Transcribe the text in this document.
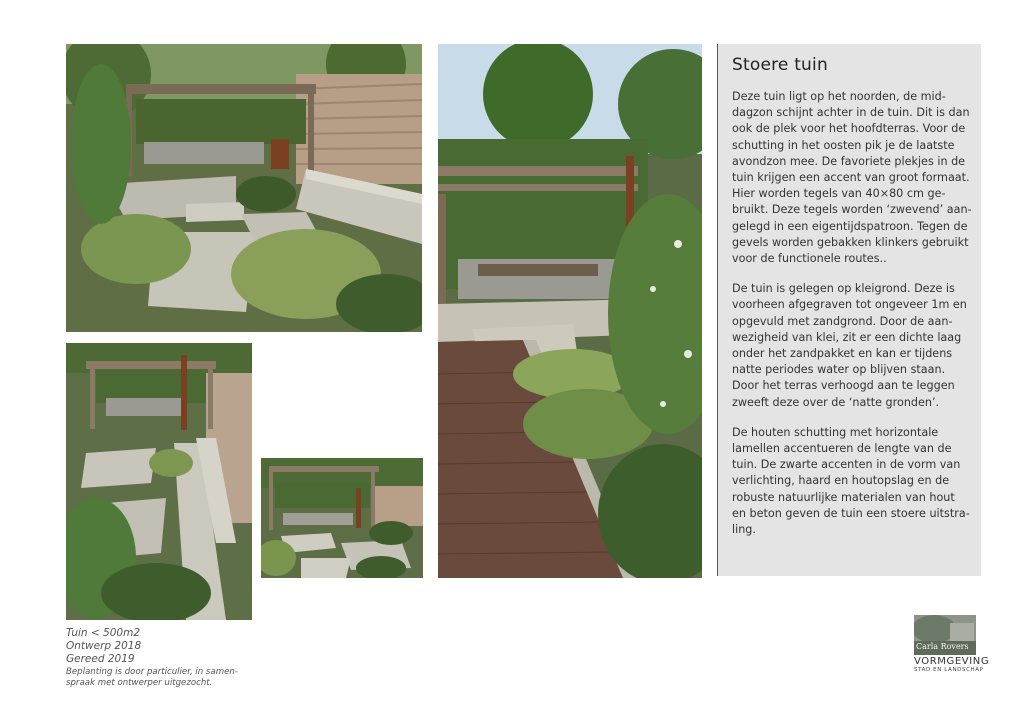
Stoere tuin
Deze tuin ligt op het noorden, de mid-
dagzon schijnt achter in de tuin. Dit is dan
ook de plek voor het hoofdterras. Voor de
schutting in het oosten pik je de laatste
avondzon mee. De favoriete plekjes in de
tuin krijgen een accent van groot formaat.
Hier worden tegels van 40×80 cm ge-
bruikt. Deze tegels worden ‘zwevend’ aan-
gelegd in een eigentijdspatroon. Tegen de
gevels worden gebakken klinkers gebruikt
voor de functionele routes..
De tuin is gelegen op kleigrond. Deze is
voorheen afgegraven tot ongeveer 1m en
opgevuld met zandgrond. Door de aan-
wezigheid van klei, zit er een dichte laag
onder het zandpakket en kan er tijdens
natte periodes water op blijven staan.
Door het terras verhoogd aan te leggen
zweeft deze over de ‘natte gronden’.
De houten schutting met horizontale
lamellen accentueren de lengte van de
tuin. De zwarte accenten in de vorm van
verlichting, haard en houtopslag en de
robuste natuurlijke materialen van hout
en beton geven de tuin een stoere uitstra-
ling.
Tuin < 500m2
Ontwerp 2018
Gereed 2019
Beplanting is door particulier, in samen-
spraak met ontwerper uitgezocht.
Carla Rovers
VORMGEVING
STAD EN LANDSCHAP
